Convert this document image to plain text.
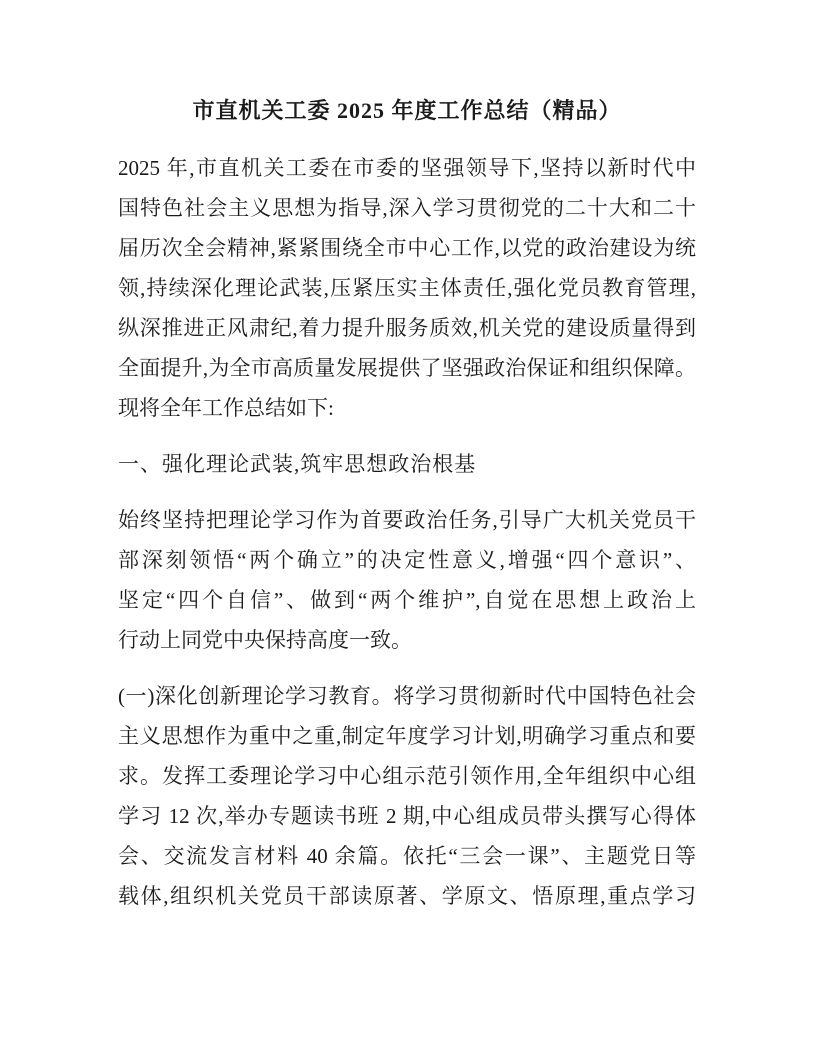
市直机关工委 2025 年度工作总结（精品）
2025 年,市直机关工委在市委的坚强领导下,坚持以新时代中
国特色社会主义思想为指导,深入学习贯彻党的二十大和二十
届历次全会精神,紧紧围绕全市中心工作,以党的政治建设为统
领,持续深化理论武装,压紧压实主体责任,强化党员教育管理,
纵深推进正风肃纪,着力提升服务质效,机关党的建设质量得到
全面提升,为全市高质量发展提供了坚强政治保证和组织保障。
现将全年工作总结如下:
一、强化理论武装,筑牢思想政治根基
始终坚持把理论学习作为首要政治任务,引导广大机关党员干
部深刻领悟“两个确立”的决定性意义,增强“四个意识”、
坚定“四个自信”、做到“两个维护”,自觉在思想上政治上
行动上同党中央保持高度一致。
(一)深化创新理论学习教育。将学习贯彻新时代中国特色社会
主义思想作为重中之重,制定年度学习计划,明确学习重点和要
求。发挥工委理论学习中心组示范引领作用,全年组织中心组
学习 12 次,举办专题读书班 2 期,中心组成员带头撰写心得体
会、交流发言材料 40 余篇。依托“三会一课”、主题党日等
载体,组织机关党员干部读原著、学原文、悟原理,重点学习
